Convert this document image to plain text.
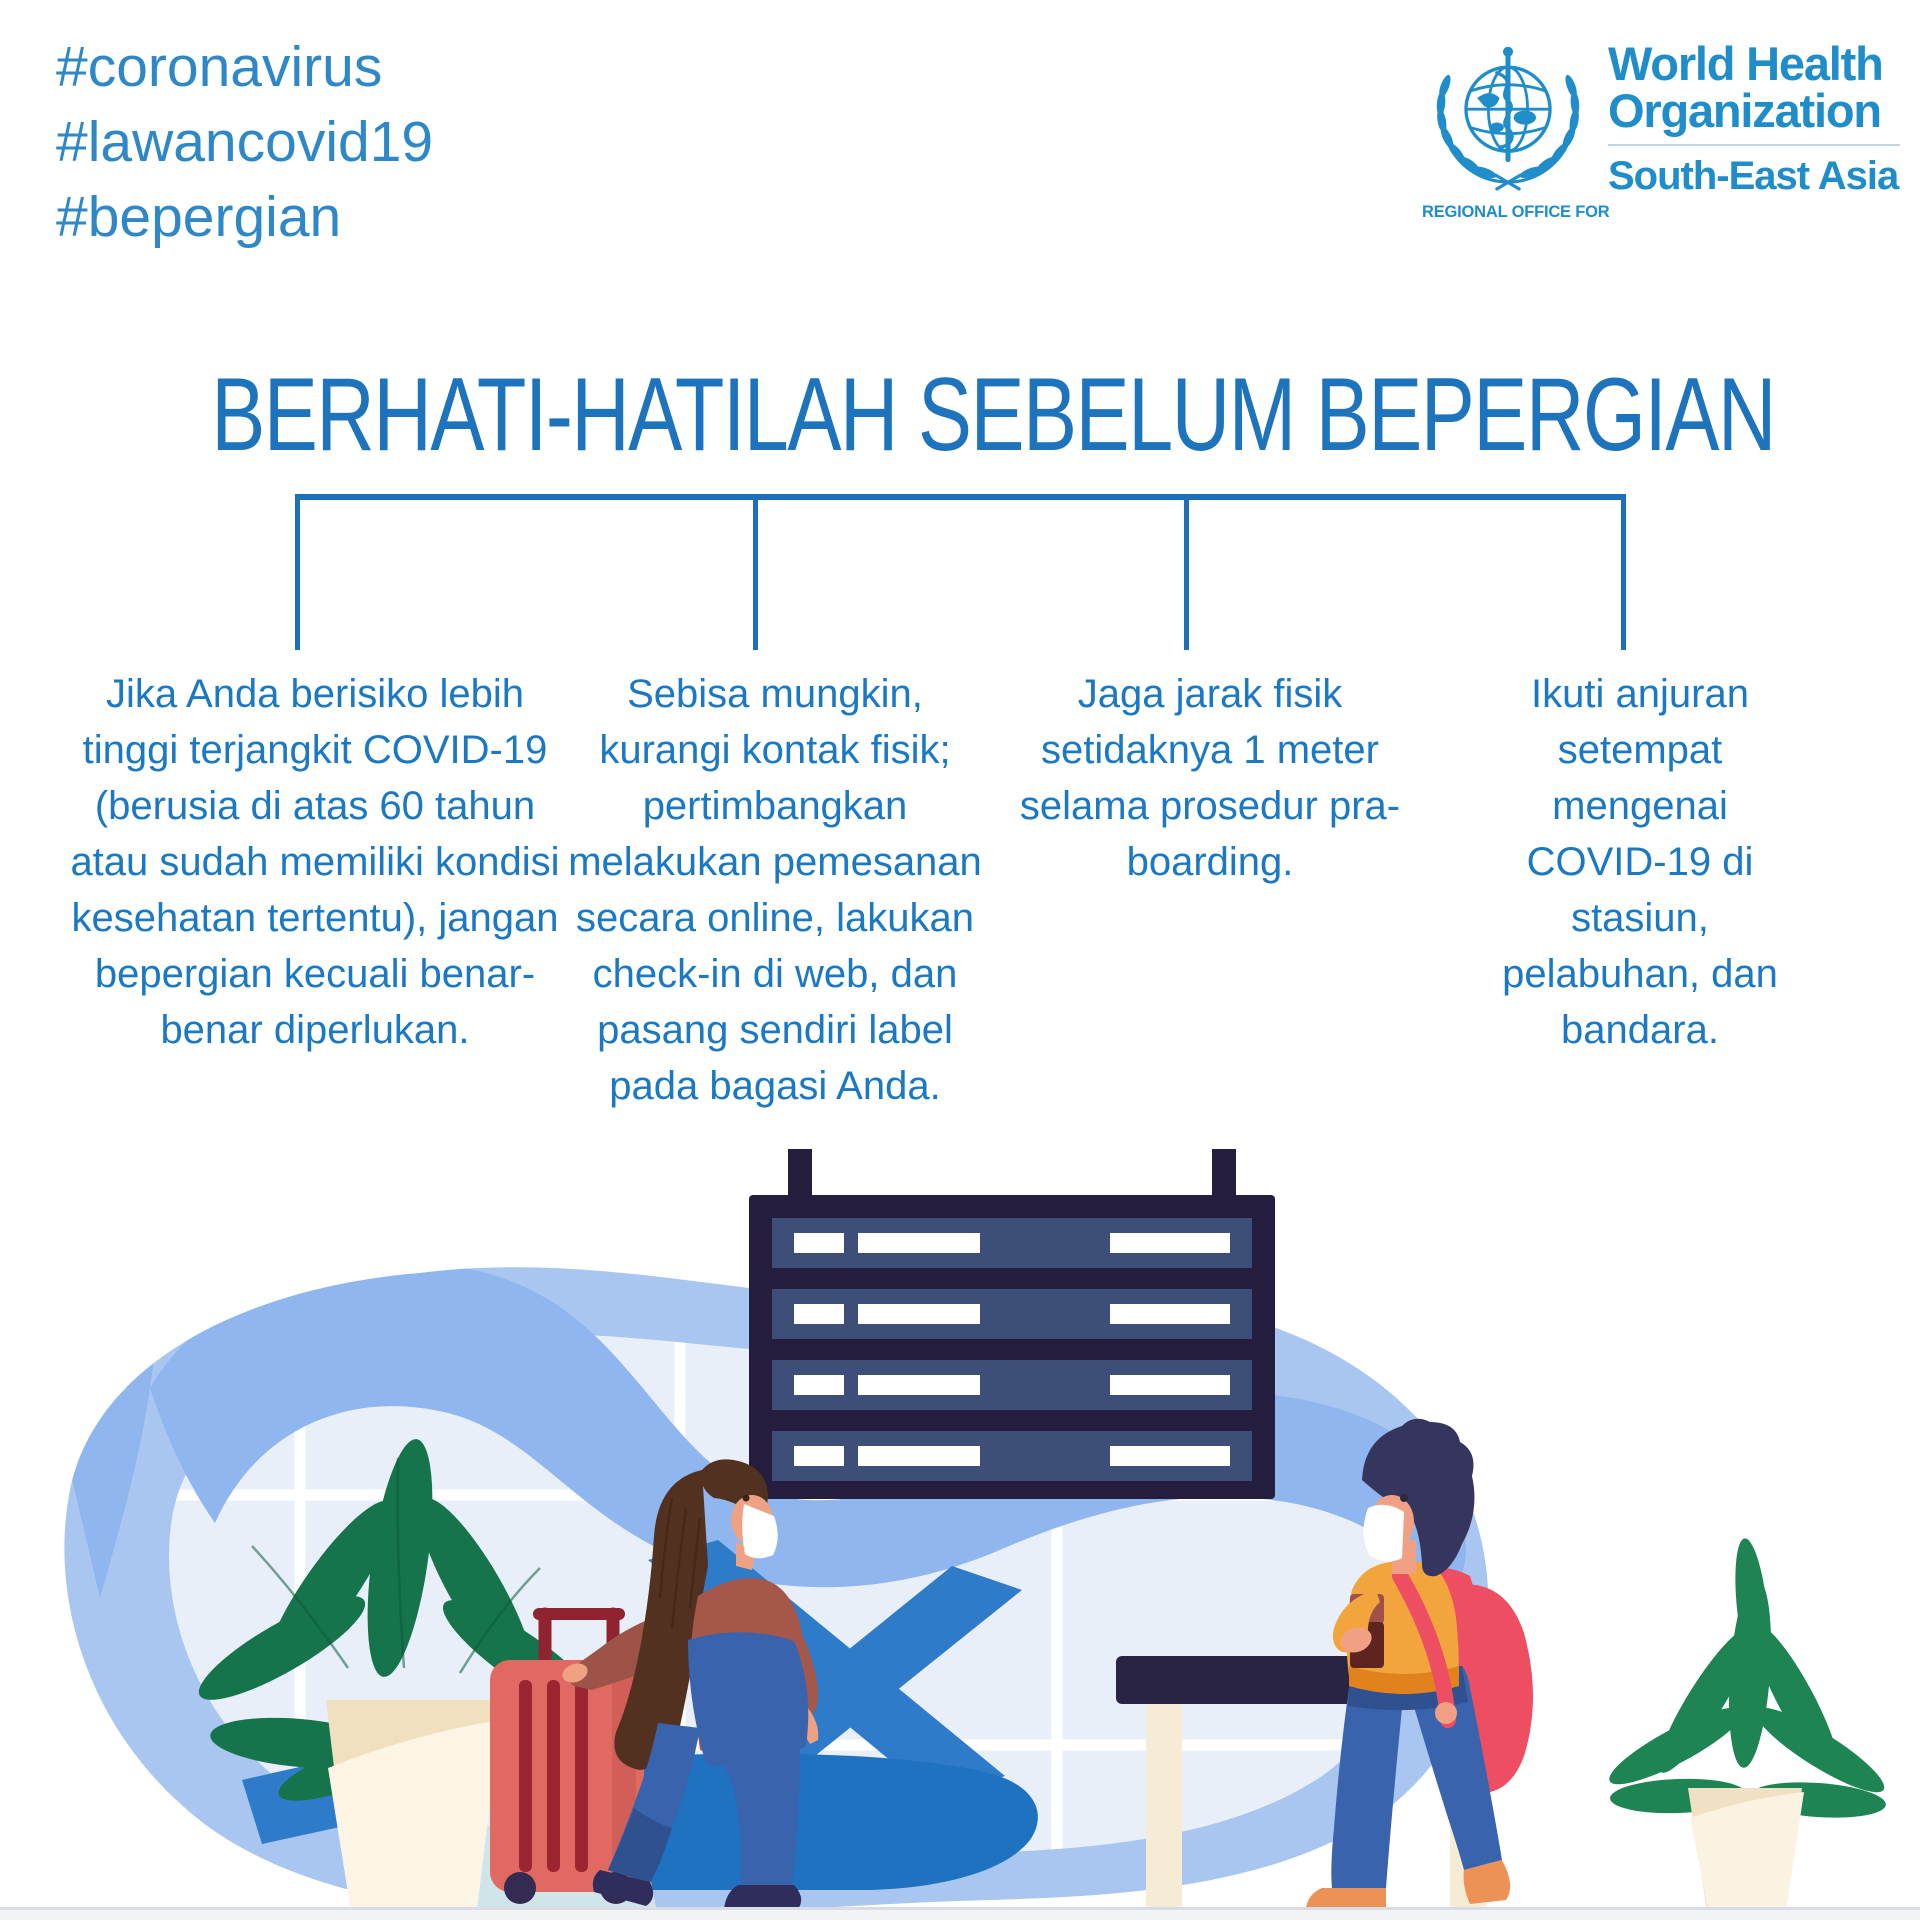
#coronavirus
#lawancovid19
#bepergian	REGIONAL OFFICE FOR
World Health
Organization
South-East Asia
BERHATI-HATILAH SEBELUM BEPERGIAN
Jika Anda berisiko lebih tinggi terjangkit COVID-19 (berusia di atas 60 tahun atau sudah memiliki kondisi kesehatan tertentu), jangan bepergian kecuali benar-benar diperlukan.
Sebisa mungkin, kurangi kontak fisik; pertimbangkan melakukan pemesanan secara online, lakukan check-in di web, dan pasang sendiri label pada bagasi Anda.
Jaga jarak fisik setidaknya 1 meter selama prosedur pra-boarding.
Ikuti anjuran setempat mengenai COVID-19 di stasiun, pelabuhan, dan bandara.
